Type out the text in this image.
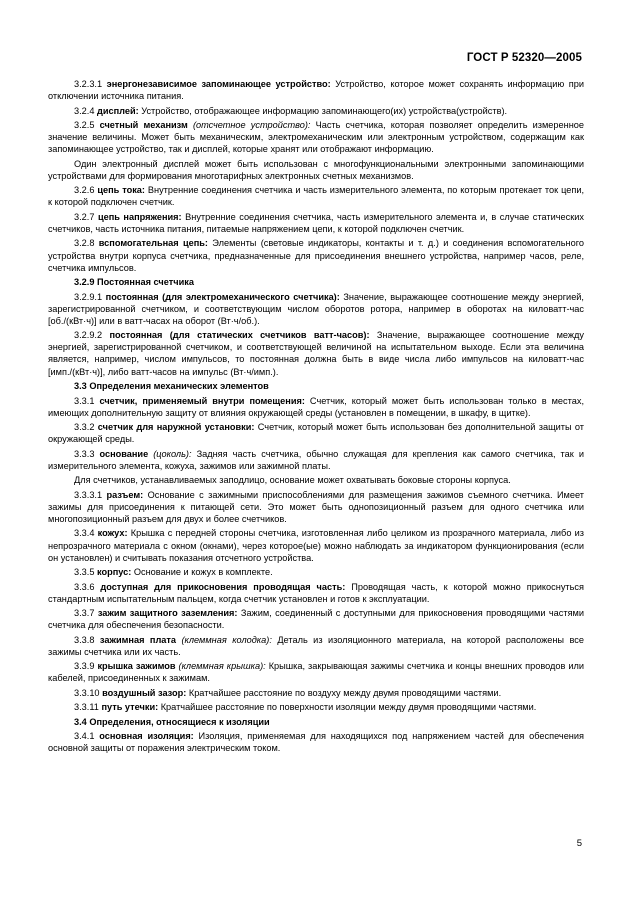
ГОСТ Р 52320—2005

3.2.3.1 энергонезависимое запоминающее устройство: Устройство, которое может сохранять информацию при отключении источника питания.

3.2.4 дисплей: Устройство, отображающее информацию запоминающего(их) устройства(устройств).

3.2.5 счетный механизм (отсчетное устройство): Часть счетчика, которая позволяет определить измеренное значение величины. Может быть механическим, электромеханическим или электронным устройством, содержащим как запоминающее устройство, так и дисплей, которые хранят или отображают информацию.

Один электронный дисплей может быть использован с многофункциональными электронными запоминающими устройствами для формирования многотарифных электронных счетных механизмов.

3.2.6 цепь тока: Внутренние соединения счетчика и часть измерительного элемента, по которым протекает ток цепи, к которой подключен счетчик.

3.2.7 цепь напряжения: Внутренние соединения счетчика, часть измерительного элемента и, в случае статических счетчиков, часть источника питания, питаемые напряжением цепи, к которой подключен счетчик.

3.2.8 вспомогательная цепь: Элементы (световые индикаторы, контакты и т. д.) и соединения вспомогательного устройства внутри корпуса счетчика, предназначенные для присоединения внешнего устройства, например часов, реле, счетчика импульсов.

3.2.9 Постоянная счетчика

3.2.9.1 постоянная (для электромеханического счетчика): Значение, выражающее соотношение между энергией, зарегистрированной счетчиком, и соответствующим числом оборотов ротора, например в оборотах на киловатт-час [об./(кВт·ч)] или в ватт-часах на оборот (Вт·ч/об.).

3.2.9.2 постоянная (для статических счетчиков ватт-часов): Значение, выражающее соотношение между энергией, зарегистрированной счетчиком, и соответствующей величиной на испытательном выходе. Если эта величина является, например, числом импульсов, то постоянная должна быть в виде числа либо импульсов на киловатт-час [имп./(кВт·ч)], либо ватт-часов на импульс (Вт·ч/имп.).

3.3 Определения механических элементов

3.3.1 счетчик, применяемый внутри помещения: Счетчик, который может быть использован только в местах, имеющих дополнительную защиту от влияния окружающей среды (установлен в помещении, в шкафу, в щитке).

3.3.2 счетчик для наружной установки: Счетчик, который может быть использован без дополнительной защиты от окружающей среды.

3.3.3 основание (цоколь): Задняя часть счетчика, обычно служащая для крепления как самого счетчика, так и измерительного элемента, кожуха, зажимов или зажимной платы.

Для счетчиков, устанавливаемых заподлицо, основание может охватывать боковые стороны корпуса.

3.3.3.1 разъем: Основание с зажимными приспособлениями для размещения зажимов съемного счетчика. Имеет зажимы для присоединения к питающей сети. Это может быть однопозиционный разъем для одного счетчика или многопозиционный разъем для двух и более счетчиков.

3.3.4 кожух: Крышка с передней стороны счетчика, изготовленная либо целиком из прозрачного материала, либо из непрозрачного материала с окном (окнами), через которое(ые) можно наблюдать за индикатором функционирования (если он установлен) и считывать показания отсчетного устройства.

3.3.5 корпус: Основание и кожух в комплекте.

3.3.6 доступная для прикосновения проводящая часть: Проводящая часть, к которой можно прикоснуться стандартным испытательным пальцем, когда счетчик установлен и готов к эксплуатации.

3.3.7 зажим защитного заземления: Зажим, соединенный с доступными для прикосновения проводящими частями счетчика для обеспечения безопасности.

3.3.8 зажимная плата (клеммная колодка): Деталь из изоляционного материала, на которой расположены все зажимы счетчика или их часть.

3.3.9 крышка зажимов (клеммная крышка): Крышка, закрывающая зажимы счетчика и концы внешних проводов или кабелей, присоединенных к зажимам.

3.3.10 воздушный зазор: Кратчайшее расстояние по воздуху между двумя проводящими частями.

3.3.11 путь утечки: Кратчайшее расстояние по поверхности изоляции между двумя проводящими частями.

3.4 Определения, относящиеся к изоляции

3.4.1 основная изоляция: Изоляция, применяемая для находящихся под напряжением частей для обеспечения основной защиты от поражения электрическим током.

5
